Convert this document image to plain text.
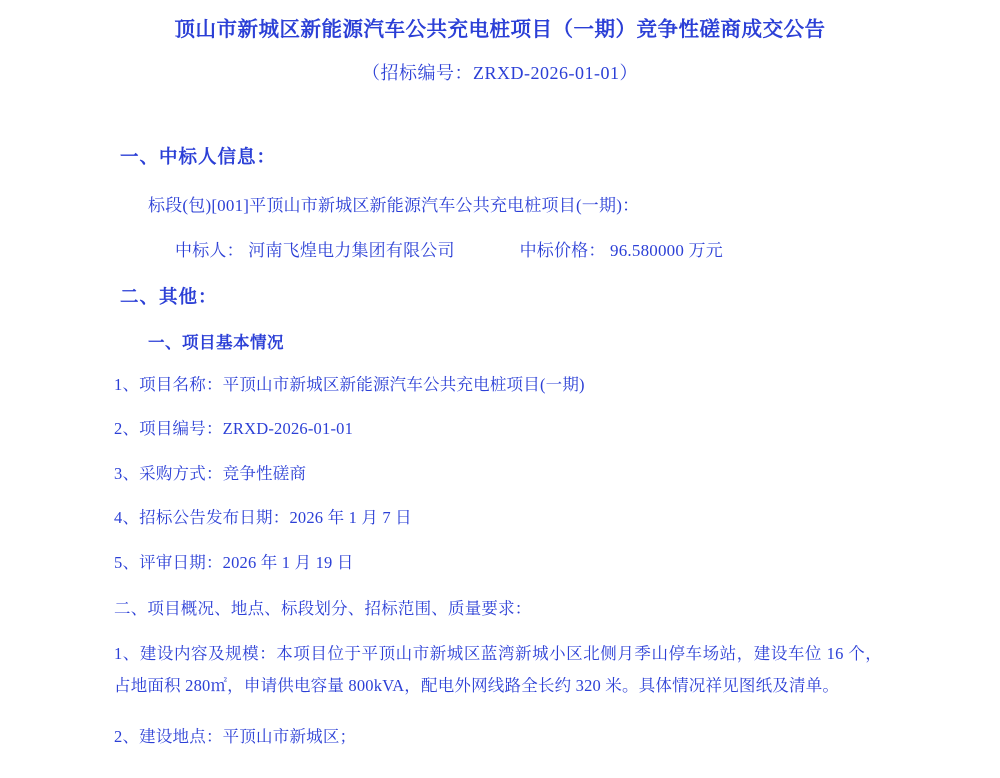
顶山市新城区新能源汽车公共充电桩项目（一期）竞争性磋商成交公告
（招标编号：ZRXD-2026-01-01）
一、中标人信息：
标段(包)[001]平顶山市新城区新能源汽车公共充电桩项目(一期)：
中标人： 河南飞煌电力集团有限公司	中标价格： 96.580000 万元
二、其他：
一、项目基本情况
1、项目名称：平顶山市新城区新能源汽车公共充电桩项目(一期)
2、项目编号：ZRXD-2026-01-01
3、采购方式：竞争性磋商
4、招标公告发布日期：2026 年 1 月 7 日
5、评审日期：2026 年 1 月 19 日
二、项目概况、地点、标段划分、招标范围、质量要求：
1、建设内容及规模：本项目位于平顶山市新城区蓝湾新城小区北侧月季山停车场站，建设车位 16 个，占地面积 280㎡，申请供电容量 800kVA，配电外网线路全长约 320 米。具体情况祥见图纸及清单。
2、建设地点：平顶山市新城区；
